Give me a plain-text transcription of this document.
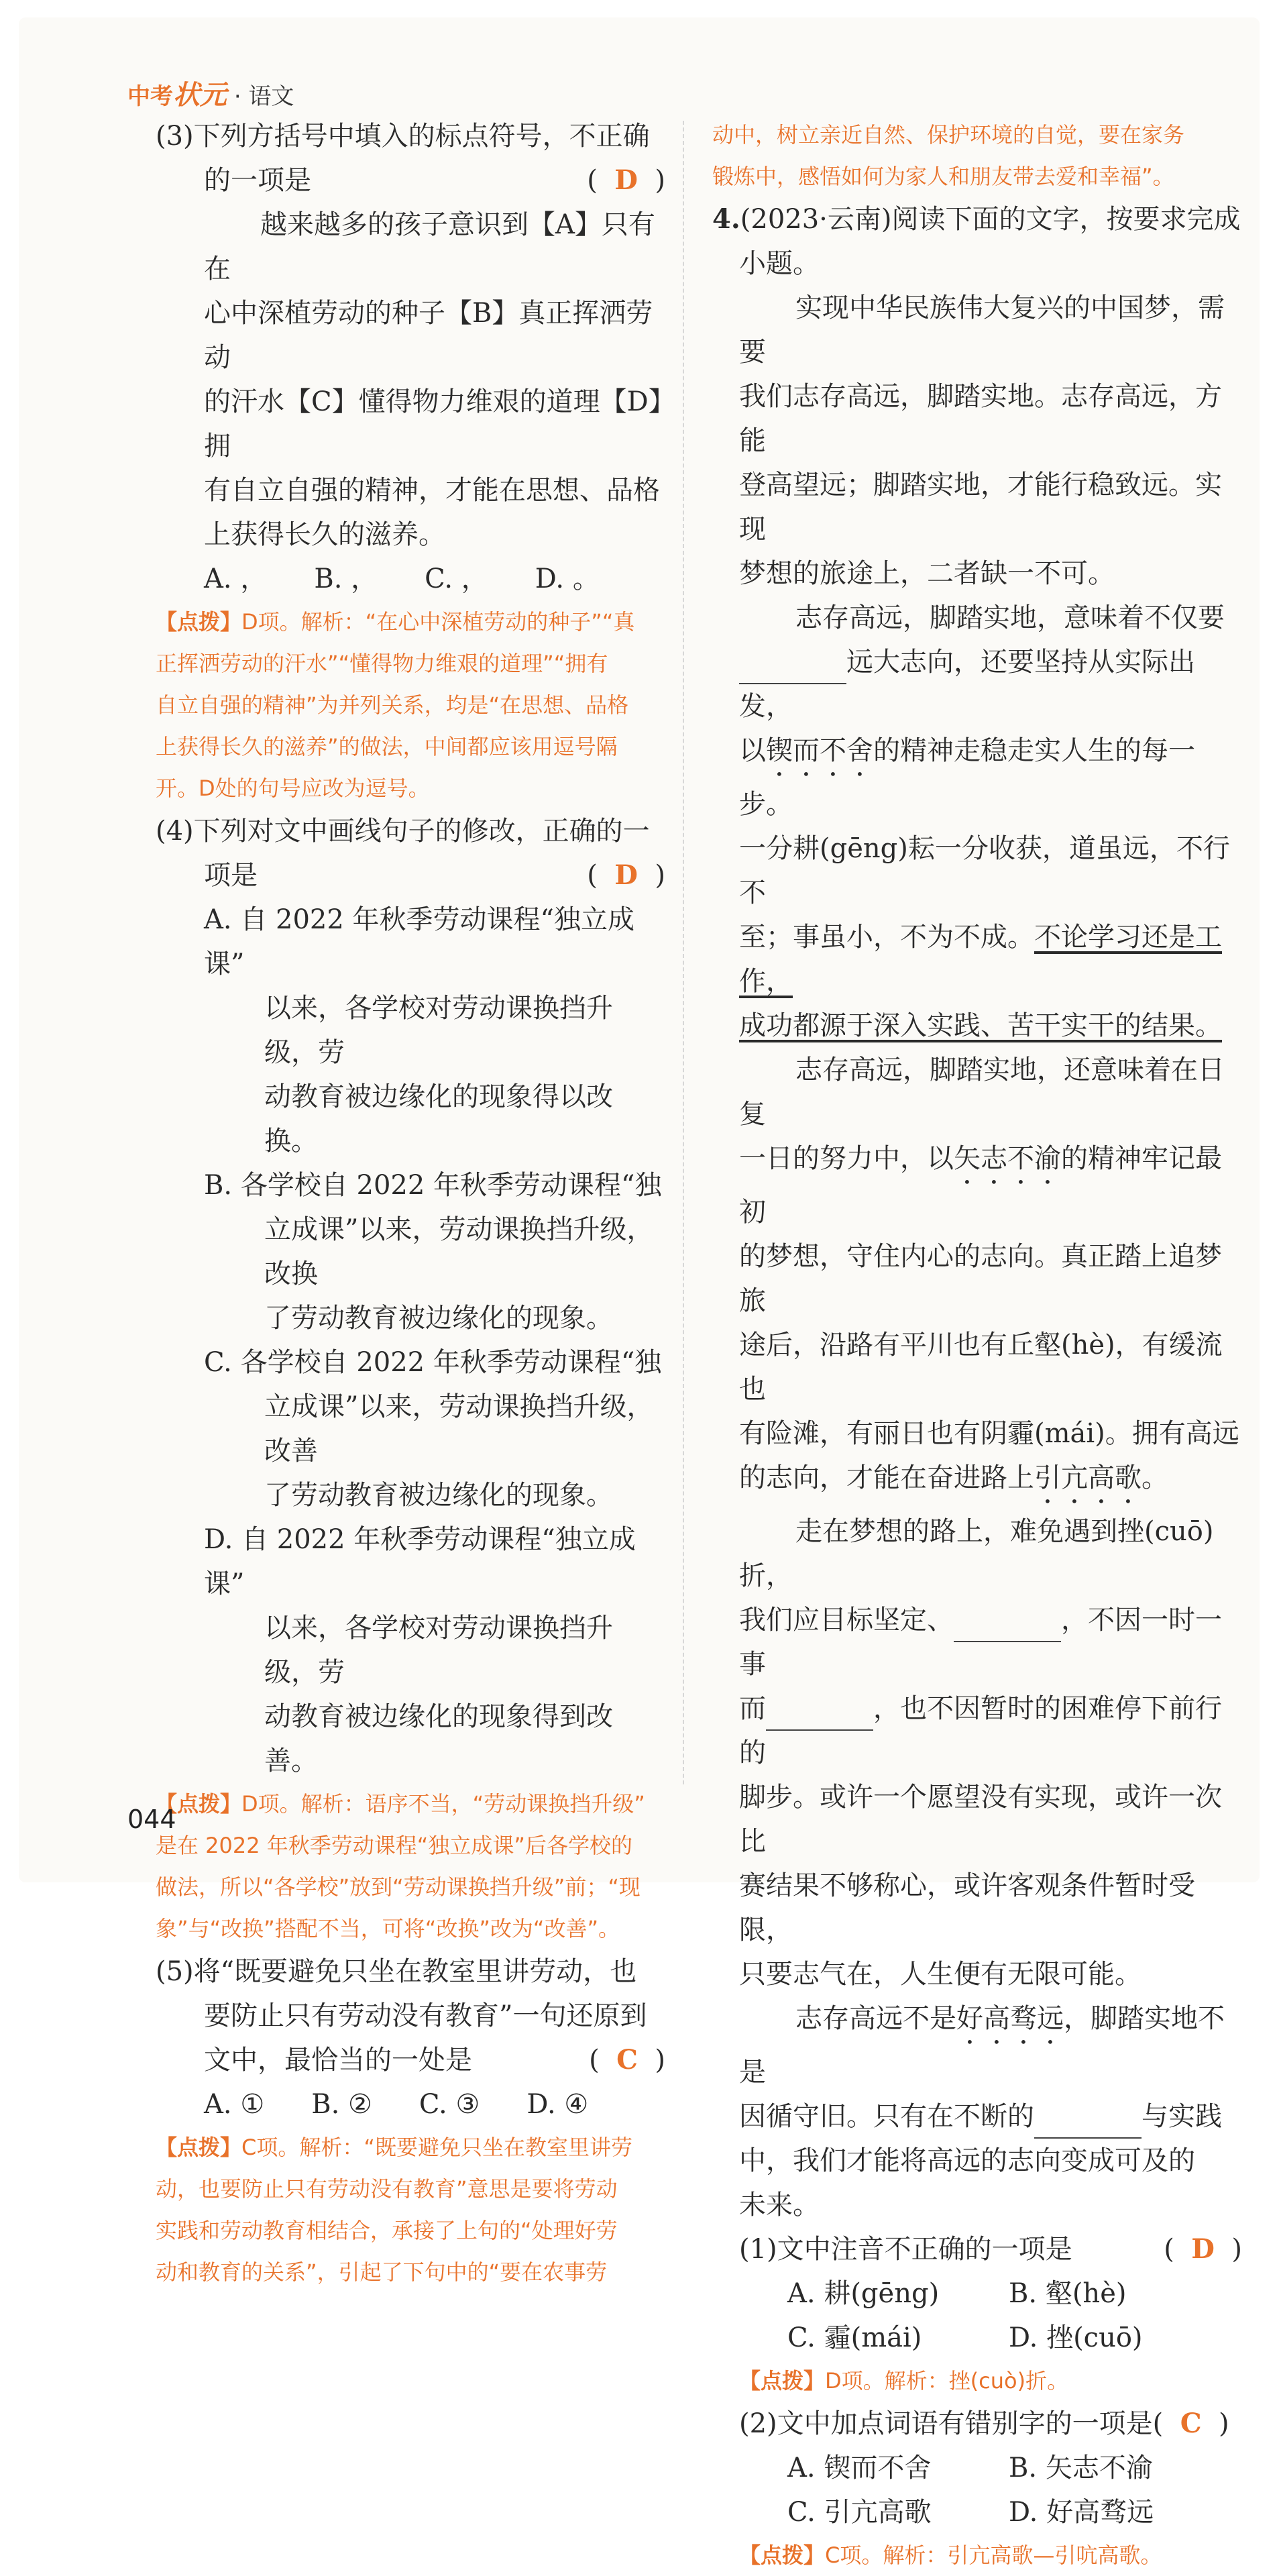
中考状元 · 语文

(3)下列方括号中填入的标点符号，不正确

的一项是	(  D  )

越来越多的孩子意识到【A】只有在

心中深植劳动的种子【B】真正挥洒劳动

的汗水【C】懂得物力维艰的道理【D】拥

有自立自强的精神，才能在思想、品格

上获得长久的滋养。

A. ， B. ， C. ， D. 。

【点拨】D项。解析：“在心中深植劳动的种子”“真

正挥洒劳动的汗水”“懂得物力维艰的道理”“拥有

自立自强的精神”为并列关系，均是“在思想、品格

上获得长久的滋养”的做法，中间都应该用逗号隔

开。D处的句号应改为逗号。

(4)下列对文中画线句子的修改，正确的一

项是	(  D  )

A. 自 2022 年秋季劳动课程“独立成课”

以来，各学校对劳动课换挡升级，劳

动教育被边缘化的现象得以改换。

B. 各学校自 2022 年秋季劳动课程“独

立成课”以来，劳动课换挡升级，改换

了劳动教育被边缘化的现象。

C. 各学校自 2022 年秋季劳动课程“独

立成课”以来，劳动课换挡升级，改善

了劳动教育被边缘化的现象。

D. 自 2022 年秋季劳动课程“独立成课”

以来，各学校对劳动课换挡升级，劳

动教育被边缘化的现象得到改善。

【点拨】D项。解析：语序不当，“劳动课换挡升级”

是在 2022 年秋季劳动课程“独立成课”后各学校的

做法，所以“各学校”放到“劳动课换挡升级”前；“现

象”与“改换”搭配不当，可将“改换”改为“改善”。

(5)将“既要避免只坐在教室里讲劳动，也

要防止只有劳动没有教育”一句还原到

文中，最恰当的一处是	(  C  )

A. ① B. ② C. ③ D. ④

【点拨】C项。解析：“既要避免只坐在教室里讲劳

动，也要防止只有劳动没有教育”意思是要将劳动

实践和劳动教育相结合，承接了上句的“处理好劳

动和教育的关系”，引起了下句中的“要在农事劳

动中，树立亲近自然、保护环境的自觉，要在家务

锻炼中，感悟如何为家人和朋友带去爱和幸福”。

4.(2023·云南)阅读下面的文字，按要求完成

小题。

实现中华民族伟大复兴的中国梦，需要

我们志存高远，脚踏实地。志存高远，方能

登高望远；脚踏实地，才能行稳致远。实现

梦想的旅途上，二者缺一不可。

志存高远，脚踏实地，意味着不仅要

远大志向，还要坚持从实际出发，

以锲而不舍的精神走稳走实人生的每一步。

一分耕(gēng)耘一分收获，道虽远，不行不

至；事虽小，不为不成。不论学习还是工作，

成功都源于深入实践、苦干实干的结果。

志存高远，脚踏实地，还意味着在日复

一日的努力中，以矢志不渝的精神牢记最初

的梦想，守住内心的志向。真正踏上追梦旅

途后，沿路有平川也有丘壑(hè)，有缓流也

有险滩，有丽日也有阴霾(mái)。拥有高远

的志向，才能在奋进路上引亢高歌。

走在梦想的路上，难免遇到挫(cuō)折，

我们应目标坚定、	，不因一时一事

而	，也不因暂时的困难停下前行的

脚步。或许一个愿望没有实现，或许一次比

赛结果不够称心，或许客观条件暂时受限，

只要志气在，人生便有无限可能。

志存高远不是好高骛远，脚踏实地不是

因循守旧。只有在不断的	与实践

中，我们才能将高远的志向变成可及的

未来。

(1)文中注音不正确的一项是	(  D  )

A. 耕(gēng)	B. 壑(hè)
C. 霾(mái)	D. 挫(cuō)

【点拨】D项。解析：挫(cuò)折。

(2)文中加点词语有错别字的一项是( C )

A. 锲而不舍	B. 矢志不渝
C. 引亢高歌	D. 好高骛远

【点拨】C项。解析：引亢高歌—引吭高歌。

044
